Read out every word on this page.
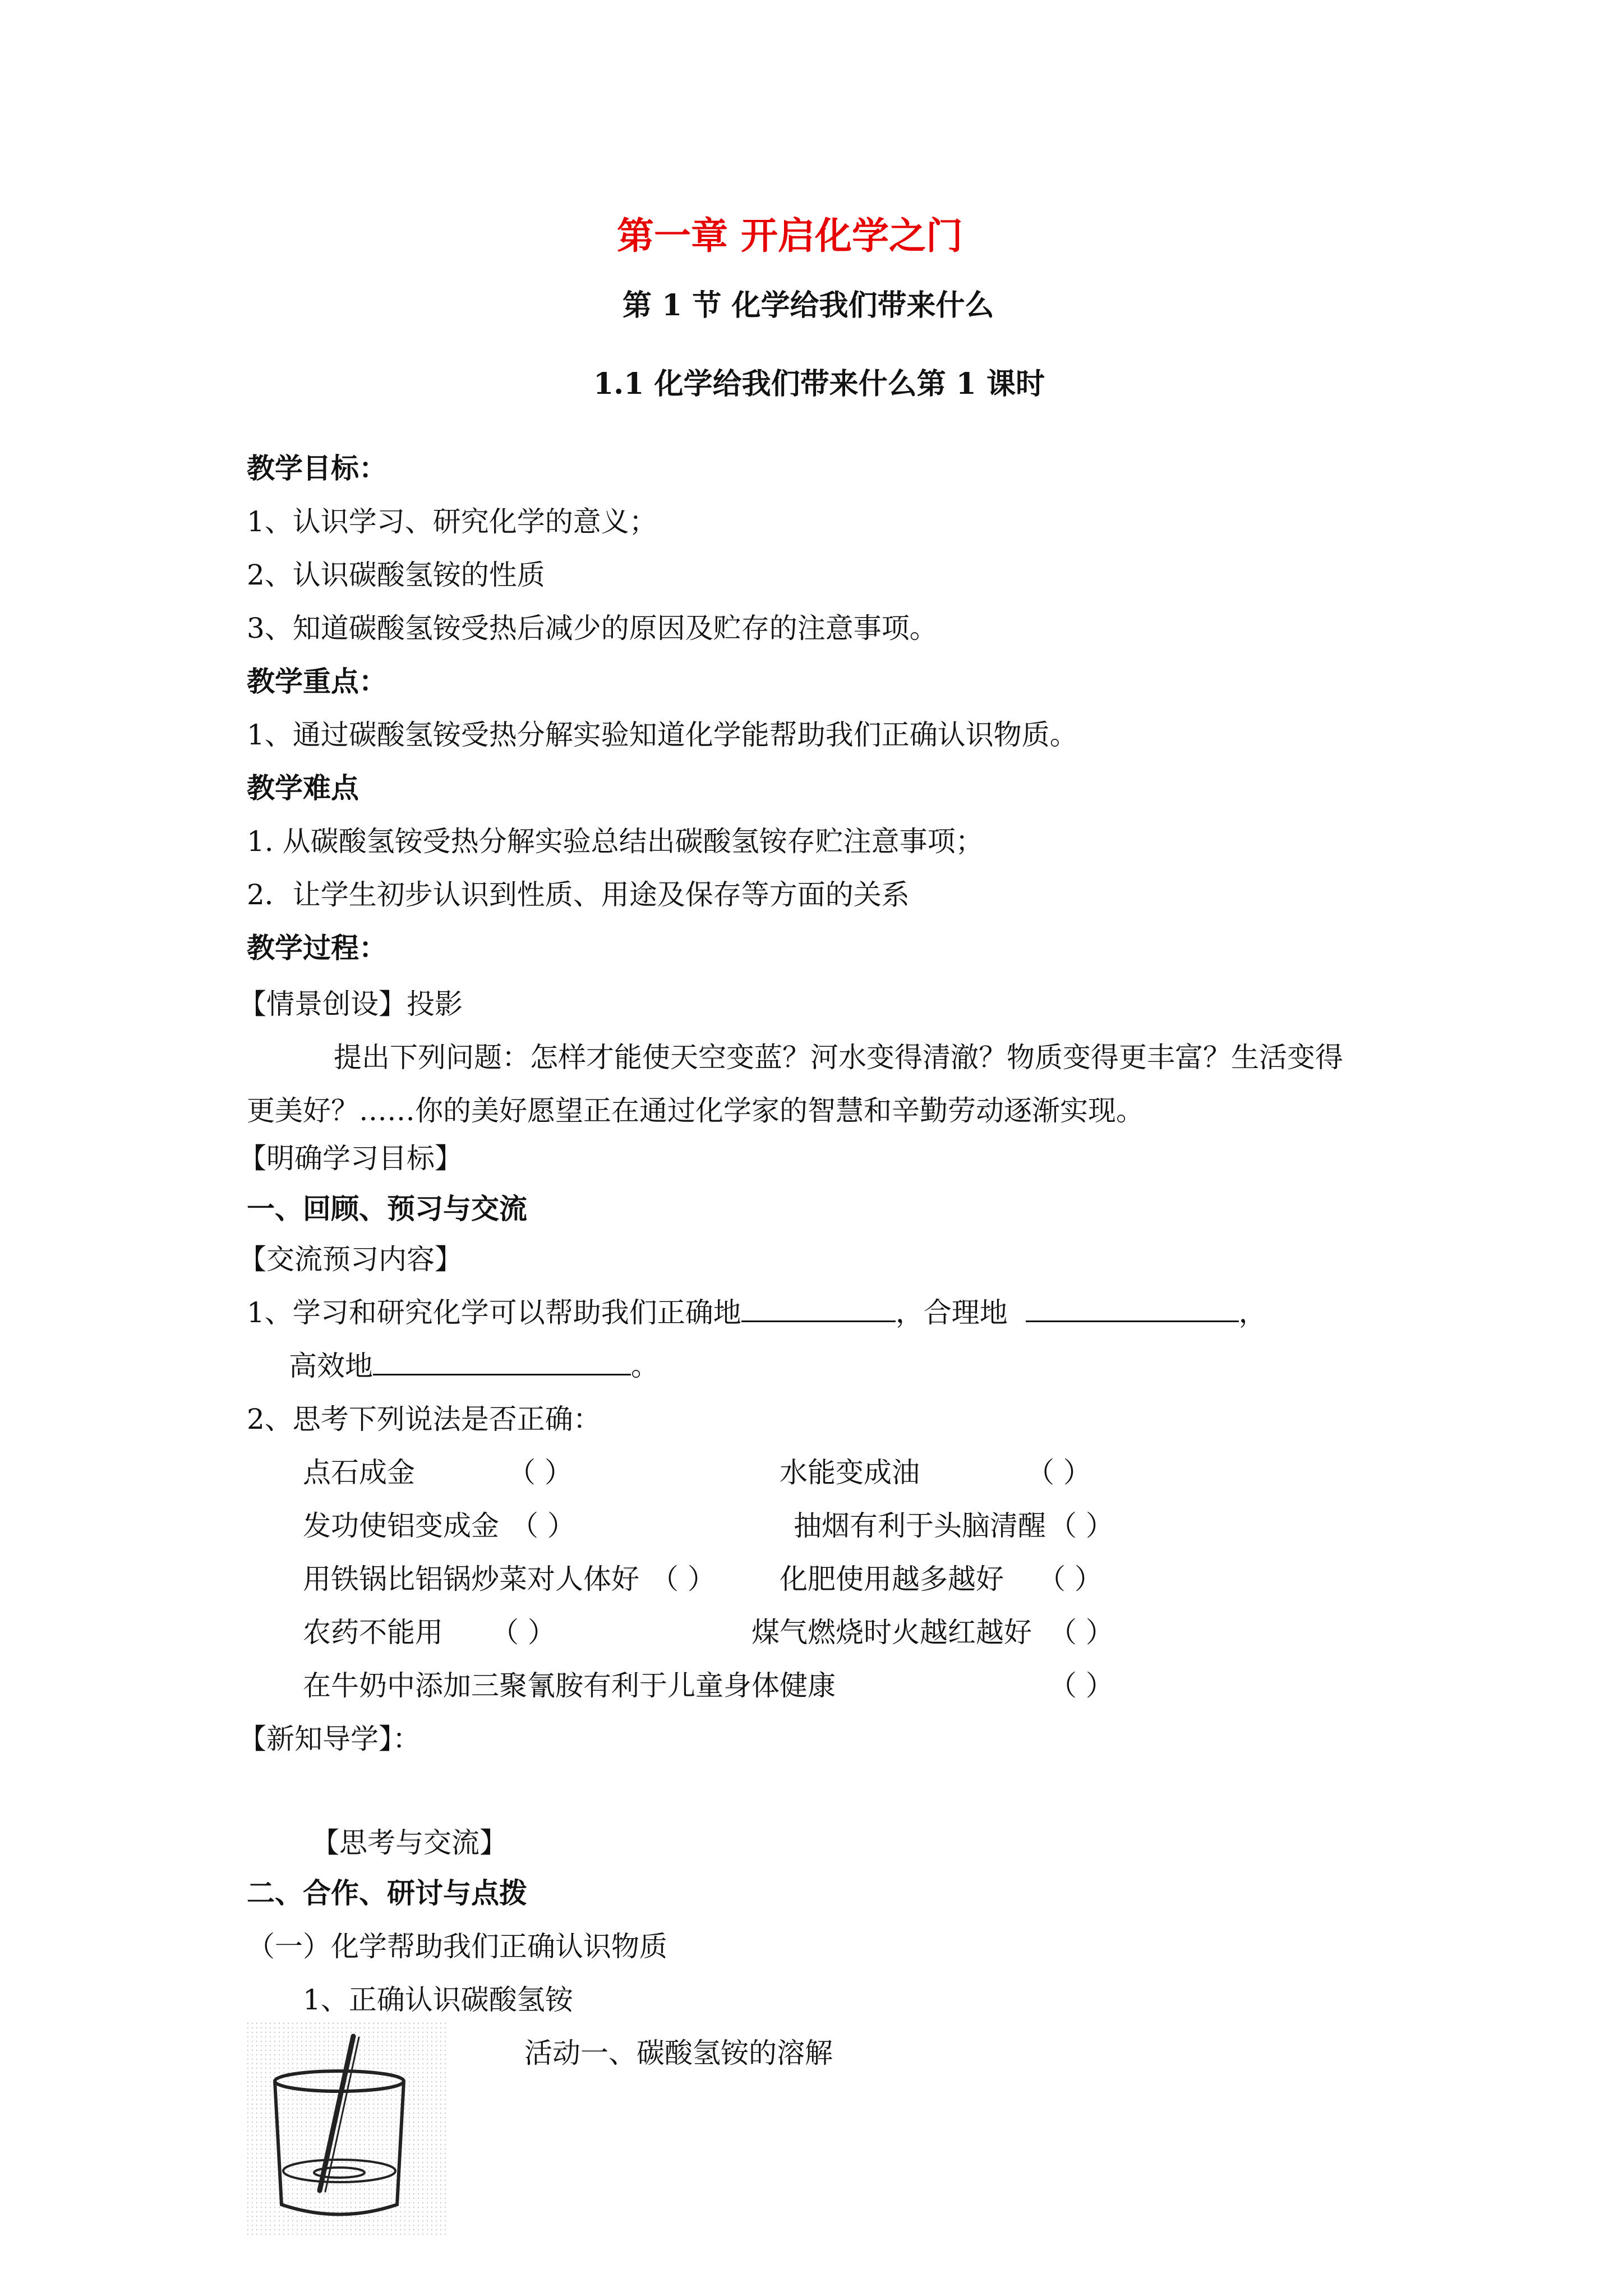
第一章 开启化学之门
第 1 节 化学给我们带来什么
1.1 化学给我们带来什么第 1 课时
教学目标：
1、认识学习、研究化学的意义；
2、认识碳酸氢铵的性质
3、知道碳酸氢铵受热后减少的原因及贮存的注意事项。
教学重点：
1、通过碳酸氢铵受热分解实验知道化学能帮助我们正确认识物质。
教学难点
1. 从碳酸氢铵受热分解实验总结出碳酸氢铵存贮注意事项；
2．让学生初步认识到性质、用途及保存等方面的关系
教学过程：
【情景创设】投影
提出下列问题：怎样才能使天空变蓝？河水变得清澈？物质变得更丰富？生活变得
更美好？……你的美好愿望正在通过化学家的智慧和辛勤劳动逐渐实现。
【明确学习目标】
一、回顾、预习与交流
【交流预习内容】
1、学习和研究化学可以帮助我们正确地	，合理地	，
高效地	。
2、思考下列说法是否正确：
点石成金	（ ）	水能变成油	（ ）
发功使铝变成金 （ ）	抽烟有利于头脑清醒 （ ）
用铁锅比铝锅炒菜对人体好 （ ） 化肥使用越多越好 （ ）
农药不能用 （ ）	煤气燃烧时火越红越好 （ ）
在牛奶中添加三聚氰胺有利于儿童身体健康	（ ）
【新知导学】：
【思考与交流】
二、合作、研讨与点拨
（一）化学帮助我们正确认识物质
1、正确认识碳酸氢铵
活动一、碳酸氢铵的溶解
